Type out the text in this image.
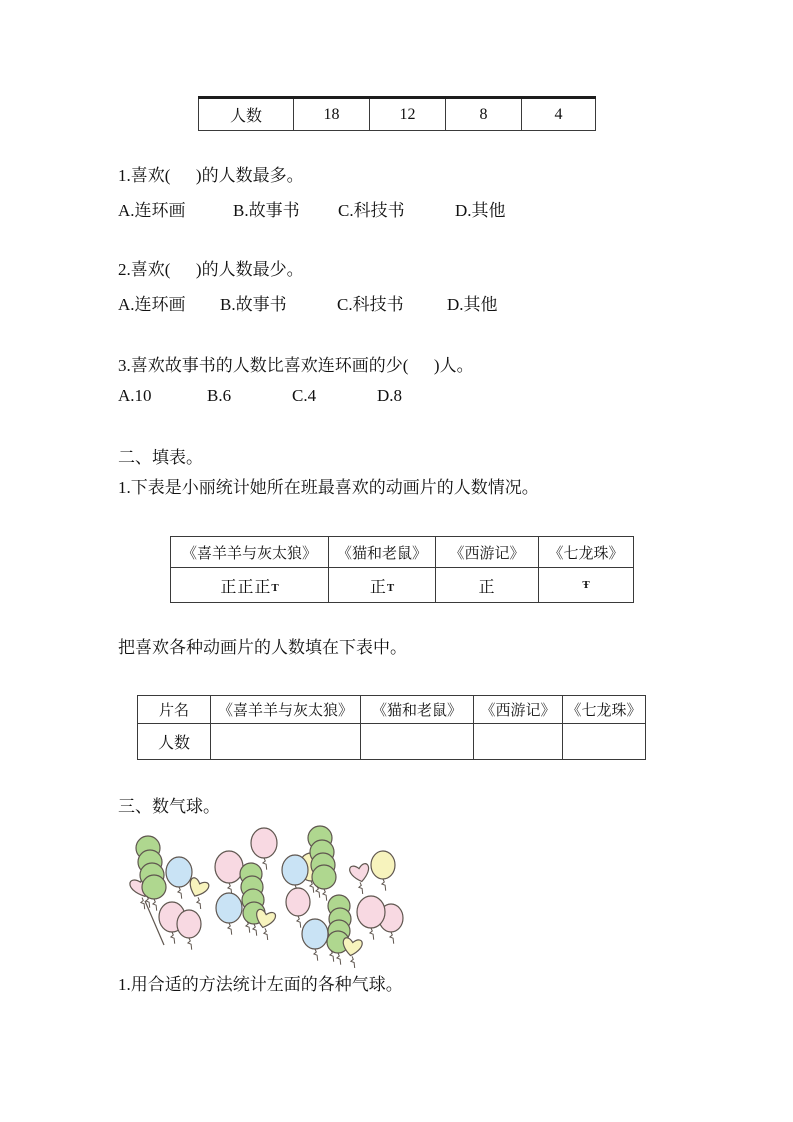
人数	18	12	8	4
1.喜欢(      )的人数最多。
A.连环画	B.故事书 C.科技书	D.其他
2.喜欢(      )的人数最少。
A.连环画 B.故事书	C.科技书	D.其他
3.喜欢故事书的人数比喜欢连环画的少(      )人。
A.10	B.6	C.4	D.8
二、填表。
1.下表是小丽统计她所在班最喜欢的动画片的人数情况。
《喜羊羊与灰太狼》	《猫和老鼠》	《西游记》	《七龙珠》
正正正T	正T	正	Ŧ
把喜欢各种动画片的人数填在下表中。
片名	《喜羊羊与灰太狼》	《猫和老鼠》	《西游记》	《七龙珠》
人数				
三、数气球。
1.用合适的方法统计左面的各种气球。
